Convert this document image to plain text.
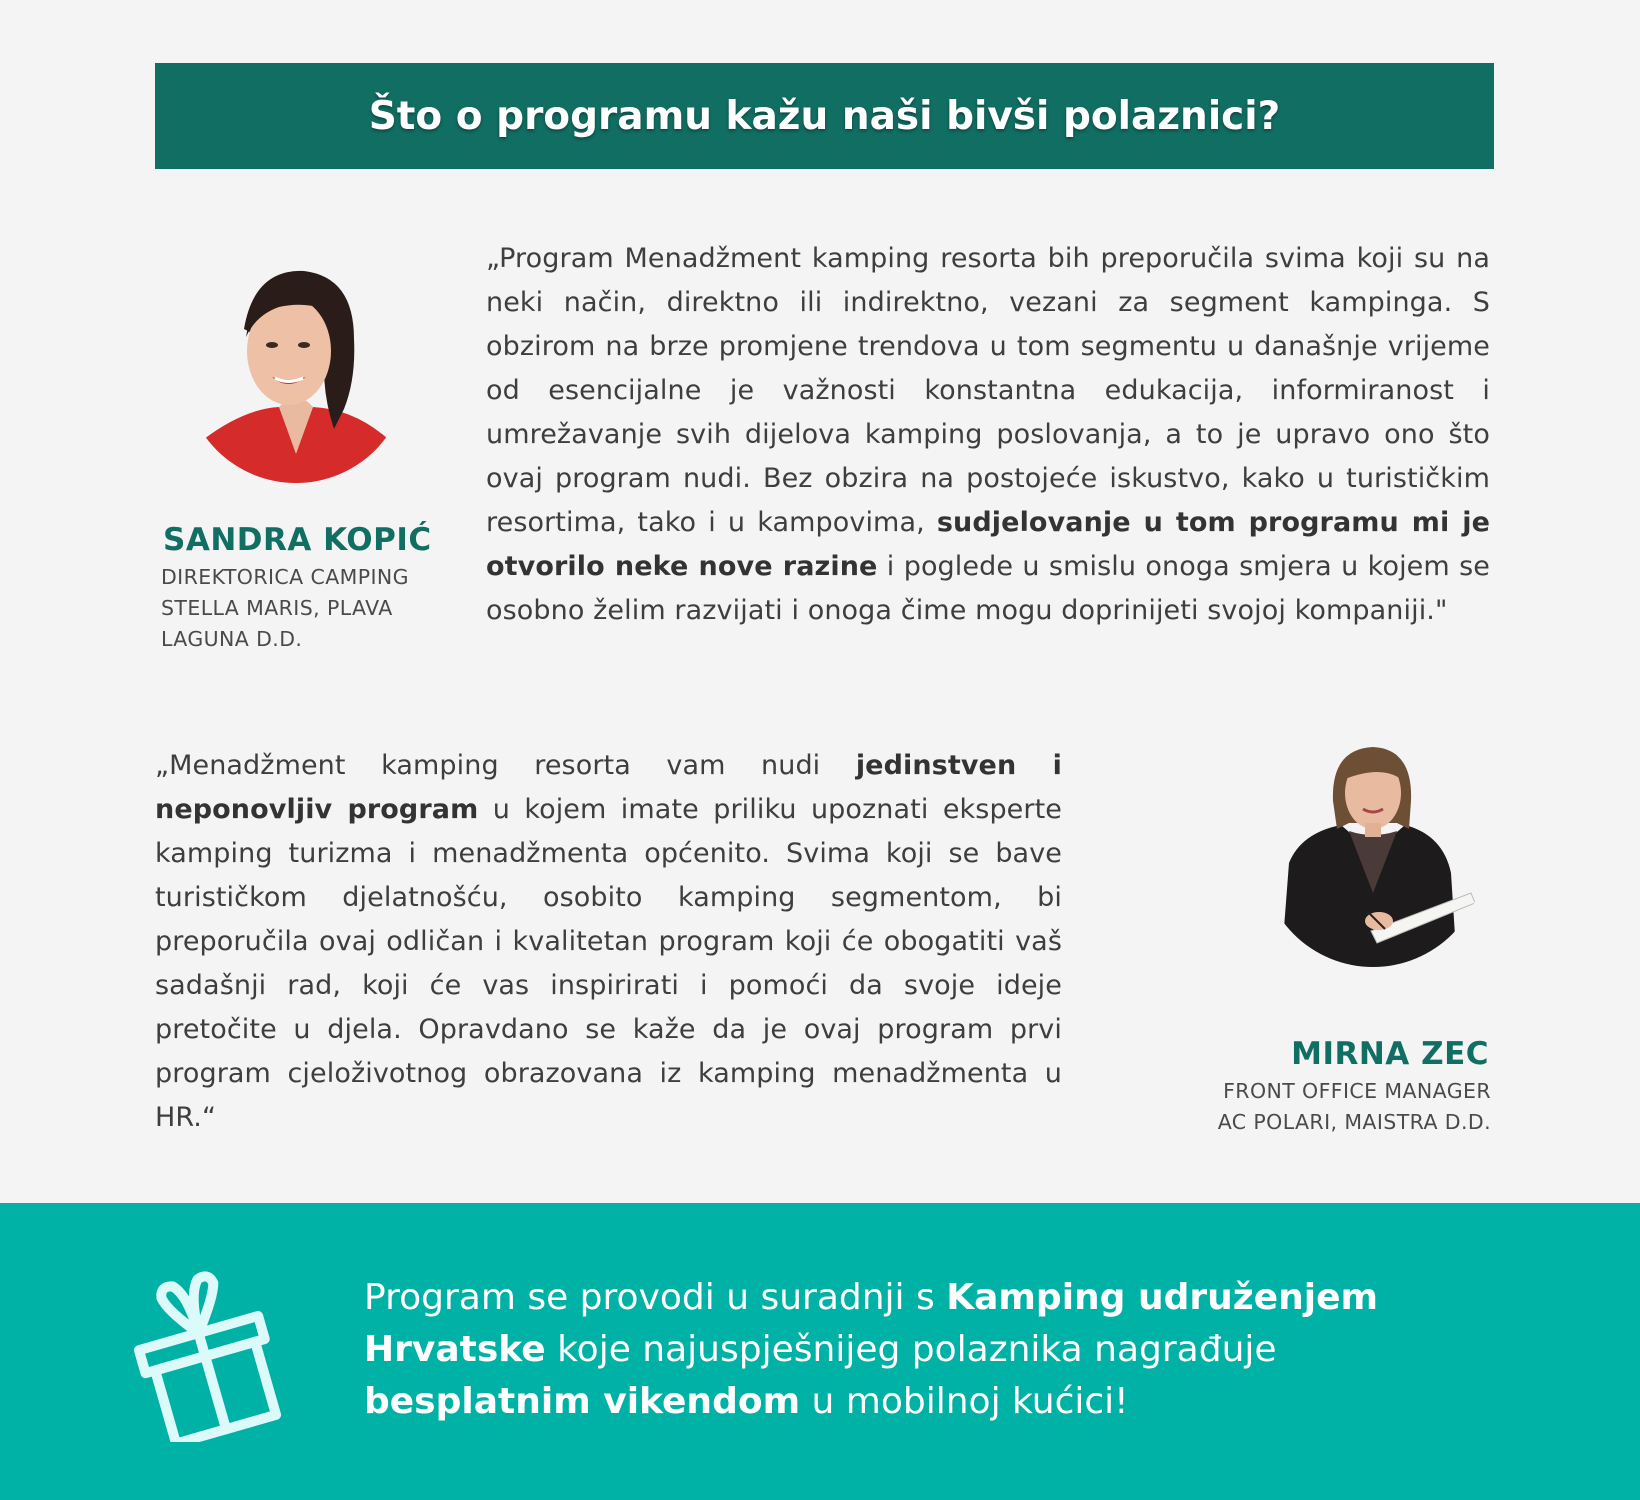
Što o programu kažu naši bivši polaznici?

SANDRA KOPIĆ

DIREKTORICA CAMPING STELLA MARIS, PLAVA LAGUNA D.D.

„Program Menadžment kamping resorta bih preporučila svima koji su na neki način, direktno ili indirektno, vezani za segment kampinga. S obzirom na brze promjene trendova u tom segmentu u današnje vrijeme od esencijalne je važnosti konstantna edukacija, informiranost i umrežavanje svih dijelova kamping poslovanja, a to je upravo ono što ovaj program nudi. Bez obzira na postojeće iskustvo, kako u turističkim resortima, tako i u kampovima, sudjelovanje u tom programu mi je otvorilo neke nove razine i poglede u smislu onoga smjera u kojem se osobno želim razvijati i onoga čime mogu doprinijeti svojoj kompaniji."

„Menadžment kamping resorta vam nudi jedinstven i neponovljiv program u kojem imate priliku upoznati eksperte kamping turizma i menadžmenta općenito. Svima koji se bave turističkom djelatnošću, osobito kamping segmentom, bi preporučila ovaj odličan i kvalitetan program koji će obogatiti vaš sadašnji rad, koji će vas inspirirati i pomoći da svoje ideje pretočite u djela. Opravdano se kaže da je ovaj program prvi program cjeloživotnog obrazovana iz kamping menadžmenta u HR.“

MIRNA ZEC

FRONT OFFICE MANAGER
AC POLARI, MAISTRA D.D.

Program se provodi u suradnji s Kamping udruženjem Hrvatske koje najuspješnijeg polaznika nagrađuje besplatnim vikendom u mobilnoj kućici!
